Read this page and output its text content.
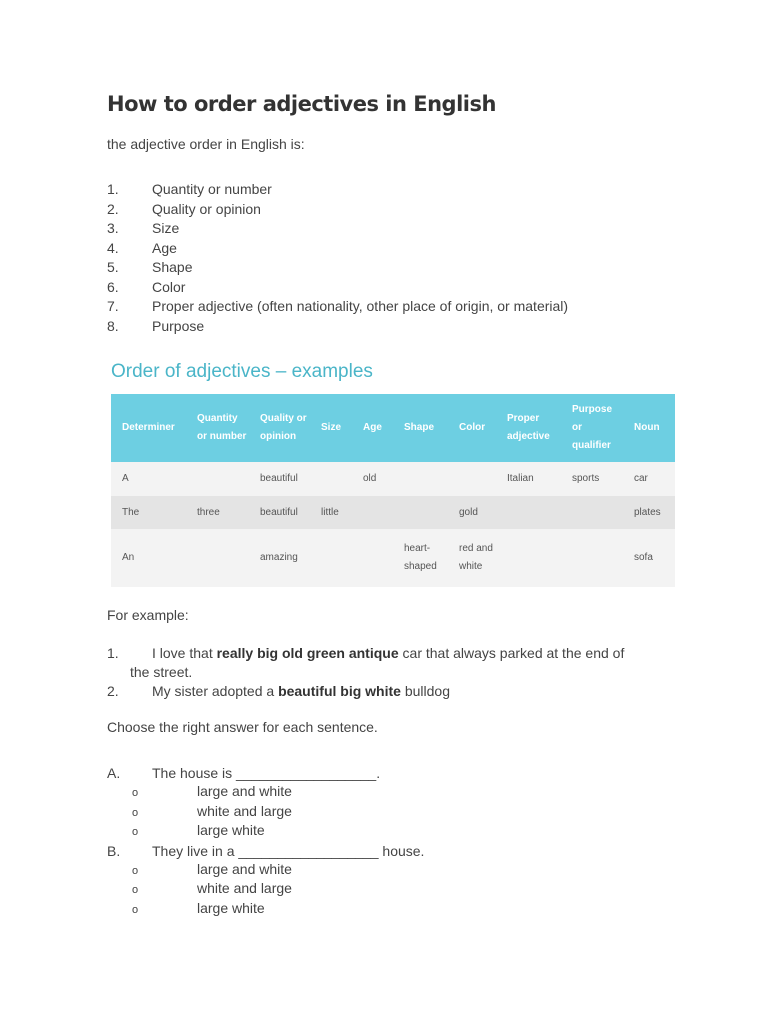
How to order adjectives in English
the adjective order in English is:
1. Quantity or number
2. Quality or opinion
3. Size
4. Age
5. Shape
6. Color
7. Proper adjective (often nationality, other place of origin, or material)
8. Purpose
Order of adjectives – examples
Determiner	Quantity or number	Quality or opinion	Size	Age	Shape	Color	Proper adjective	Purpose or qualifier	Noun
A		beautiful		old			Italian	sports	car
The	three	beautiful	little			gold			plates
An		amazing			heart-shaped	red and white			sofa
For example:
1. I love that really big old green antique car that always parked at the end of
the street.
2. My sister adopted a beautiful big white bulldog
Choose the right answer for each sentence.
A. The house is __________________.
o	large and white
o	white and large
o	large white
B. They live in a __________________ house.
o	large and white
o	white and large
o	large white
